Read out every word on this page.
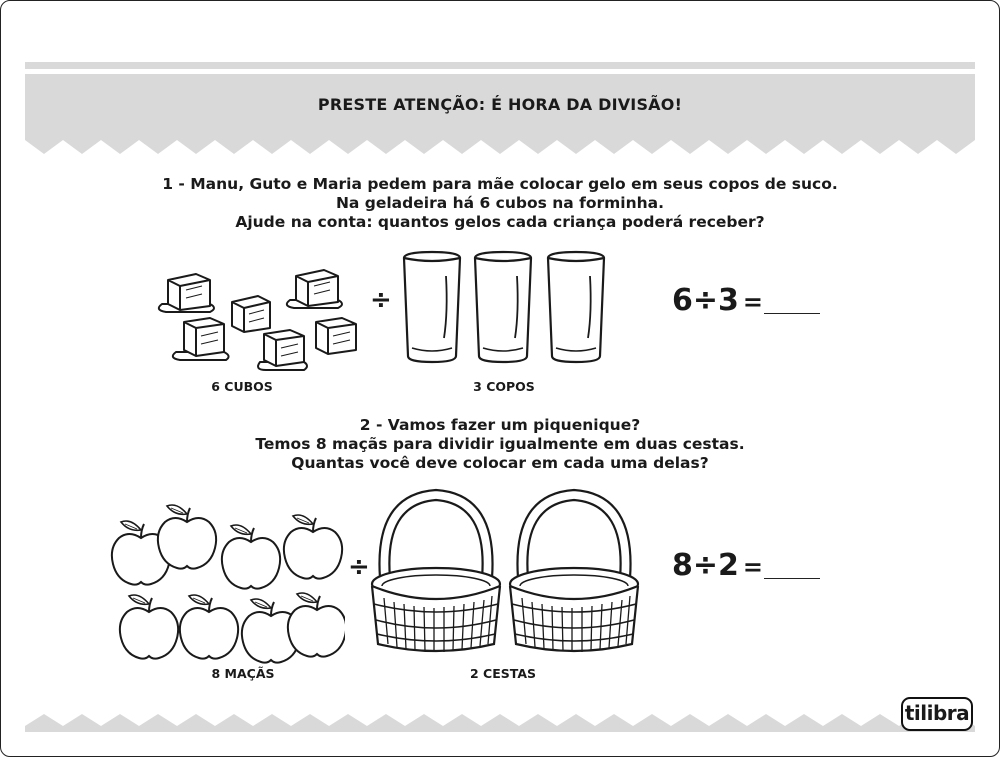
PRESTE ATENÇÃO: É HORA DA DIVISÃO!
1 - Manu, Guto e Maria pedem para mãe colocar gelo em seus copos de suco.
Na geladeira há 6 cubos na forminha.
Ajude na conta: quantos gelos cada criança poderá receber?
6 CUBOS
÷
3 COPOS
6÷3 =
2 - Vamos fazer um piquenique?
Temos 8 maçãs para dividir igualmente em duas cestas.
Quantas você deve colocar em cada uma delas?
8 MAÇÃS
÷
2 CESTAS
8÷2 =
tilibra
